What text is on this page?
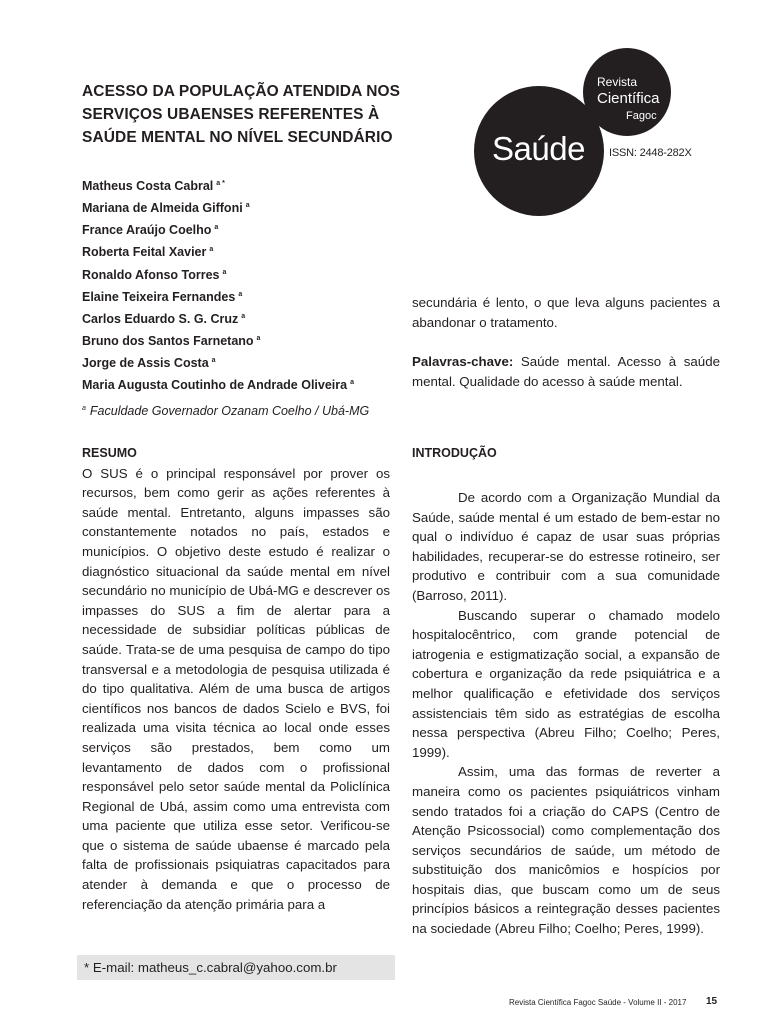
ACESSO DA POPULAÇÃO ATENDIDA NOS SERVIÇOS UBAENSES REFERENTES À SAÚDE MENTAL NO NÍVEL SECUNDÁRIO	Saúde
Revista
Científica
Fagoc
ISSN: 2448-282X
Matheus Costa Cabral $^{a *}$
Mariana de Almeida Giffoni $^a$
France Araújo Coelho $^a$
Roberta Feital Xavier $^a$
Ronaldo Afonso Torres $^a$
Elaine Teixeira Fernandes $^a$
Carlos Eduardo S. G. Cruz $^a$
Bruno dos Santos Farnetano $^a$
Jorge de Assis Costa $^a$
Maria Augusta Coutinho de Andrade Oliveira $^a$
$^a$ Faculdade Governador Ozanam Coelho / Ubá-MG
RESUMO

O SUS é o principal responsável por prover os recursos, bem como gerir as ações referentes à saúde mental. Entretanto, alguns impasses são constantemente notados no país, estados e municípios. O objetivo deste estudo é realizar o diagnóstico situacional da saúde mental em nível secundário no município de Ubá-MG e descrever os impasses do SUS a fim de alertar para a necessidade de subsidiar políticas públicas de saúde. Trata-se de uma pesquisa de campo do tipo transversal e a metodologia de pesquisa utilizada é do tipo qualitativa. Além de uma busca de artigos científicos nos bancos de dados Scielo e BVS, foi realizada uma visita técnica ao local onde esses serviços são prestados, bem como um levantamento de dados com o profissional responsável pelo setor saúde mental da Policlínica Regional de Ubá, assim como uma entrevista com uma paciente que utiliza esse setor. Verificou-se que o sistema de saúde ubaense é marcado pela falta de profissionais psiquiatras capacitados para atender à demanda e que o processo de referenciação da atenção primária para a

* E-mail: matheus_c.cabral@yahoo.com.br

secundária é lento, o que leva alguns pacientes a abandonar o tratamento.

Palavras-chave: Saúde mental. Acesso à saúde mental. Qualidade do acesso à saúde mental.

INTRODUÇÃO

De acordo com a Organização Mundial da Saúde, saúde mental é um estado de bem-estar no qual o indivíduo é capaz de usar suas próprias habilidades, recuperar-se do estresse rotineiro, ser produtivo e contribuir com a sua comunidade (Barroso, 2011).

Buscando superar o chamado modelo hospitalocêntrico, com grande potencial de iatrogenia e estigmatização social, a expansão de cobertura e organização da rede psiquiátrica e a melhor qualificação e efetividade dos serviços assistenciais têm sido as estratégias de escolha nessa perspectiva (Abreu Filho; Coelho; Peres, 1999).

Assim, uma das formas de reverter a maneira como os pacientes psiquiátricos vinham sendo tratados foi a criação do CAPS (Centro de Atenção Psicossocial) como complementação dos serviços secundários de saúde, um método de substituição dos manicômios e hospícios por hospitais dias, que buscam como um de seus princípios básicos a reintegração desses pacientes na sociedade (Abreu Filho; Coelho; Peres, 1999).

Revista Científica Fagoc Saúde - Volume II - 2017 15
